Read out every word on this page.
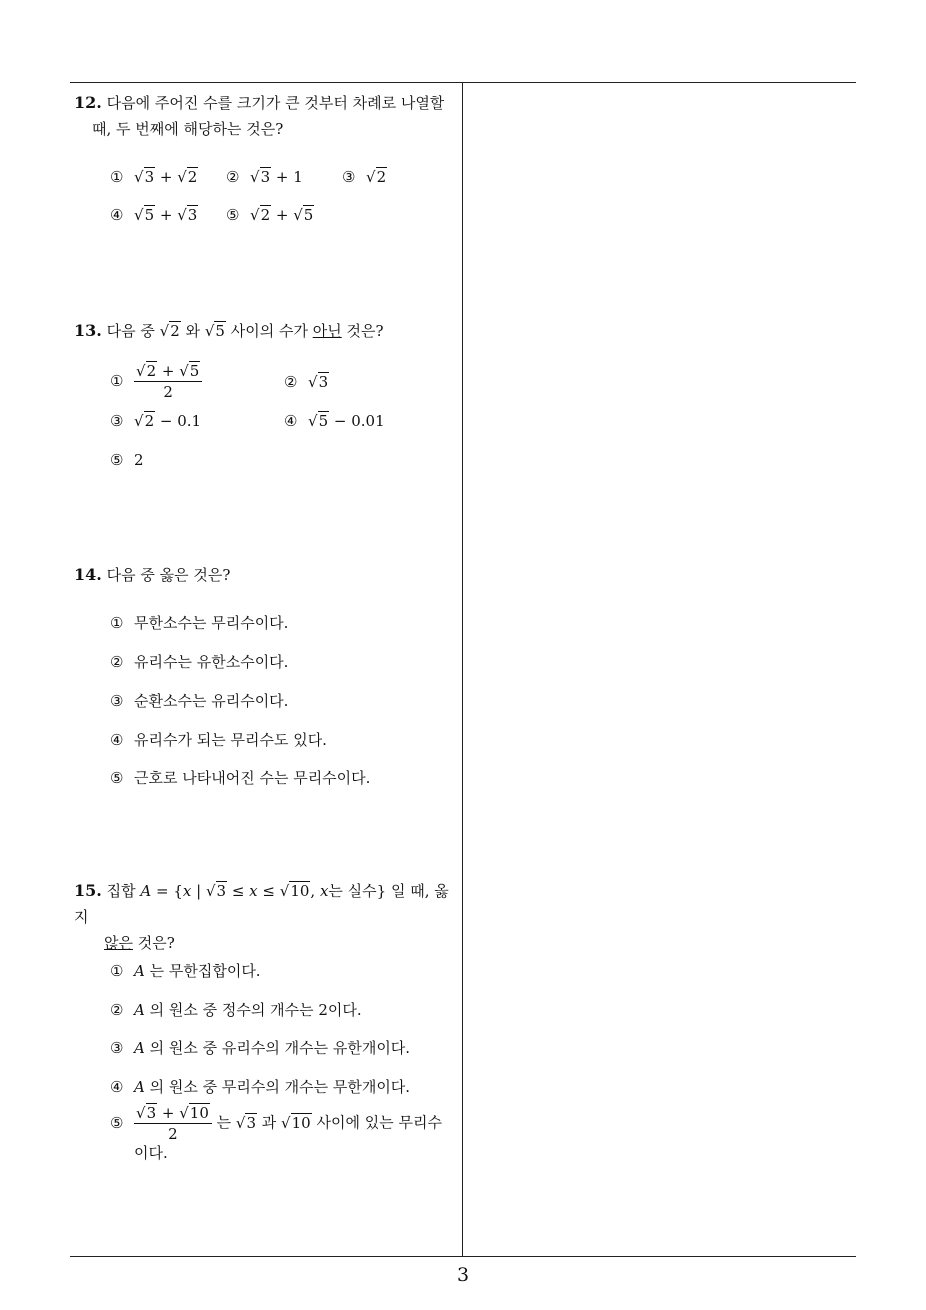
12. 다음에 주어진 수를 크기가 큰 것부터 차례로 나열할
때, 두 번째에 해당하는 것은?
① √3 + √2 ② √3 + 1	③ √2
④ √5 + √3 ⑤ √2 + √5
13. 다음 중 √2 와 √5 사이의 수가 아닌 것은?
① $\frac{√2 + √5}{2}$	② √3
③ √2 − 0.1	④ √5 − 0.01
⑤ 2
14. 다음 중 옳은 것은?
① 무한소수는 무리수이다.
② 유리수는 유한소수이다.
③ 순환소수는 유리수이다.
④ 유리수가 되는 무리수도 있다.
⑤ 근호로 나타내어진 수는 무리수이다.
15. 집합 A = {x | √3 ≤ x ≤ √10, x는 실수} 일 때, 옳지
않은 것은?
① A 는 무한집합이다.
② A 의 원소 중 정수의 개수는 2이다.
③ A 의 원소 중 유리수의 개수는 유한개이다.
④ A 의 원소 중 무리수의 개수는 무한개이다.
⑤ $\frac{√3 + √10}{2}$ 는 √3 과 √10 사이에 있는 무리수
이다.
3
